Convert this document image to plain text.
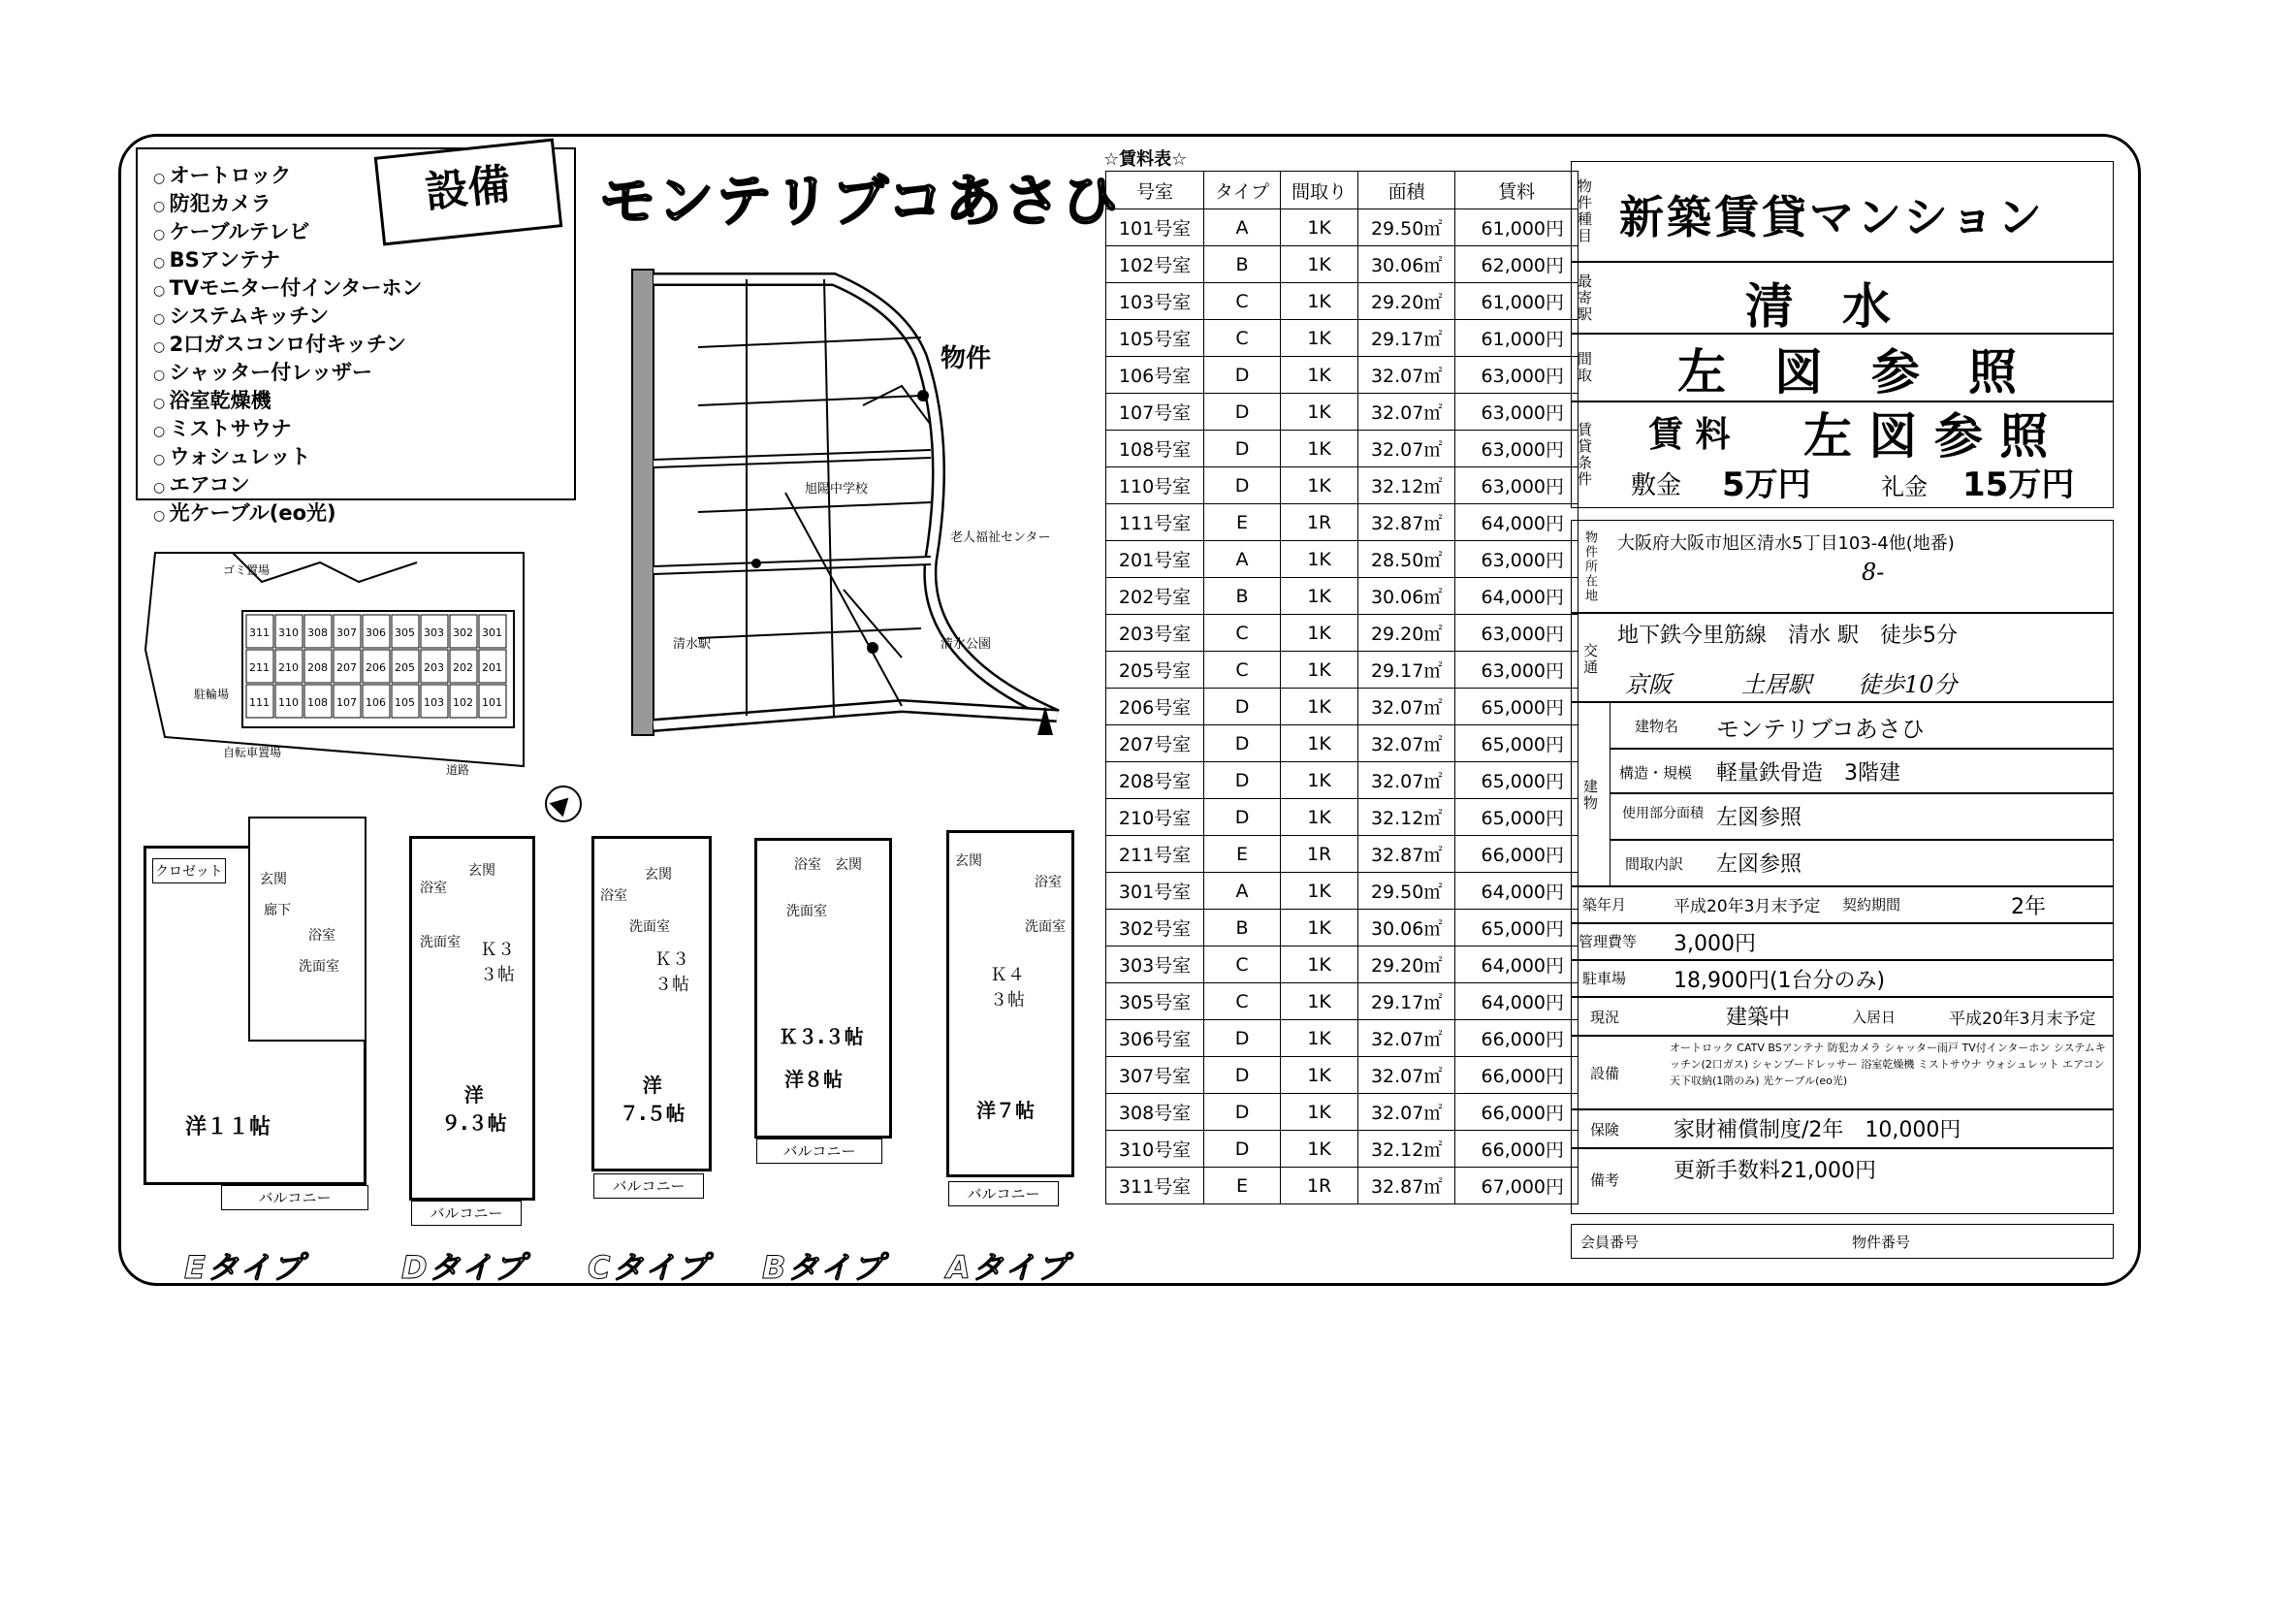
○ オートロック
○ 防犯カメラ
○ ケーブルテレビ
○ BSアンテナ
○ TVモニター付インターホン
○ システムキッチン
○ 2口ガスコンロ付キッチン
○ シャッター付レッザー
○ 浴室乾燥機
○ ミストサウナ
○ ウォシュレット
○ エアコン
○ 光ケーブル(eo光)
設備	モンテリブコあさひ
物件
清水駅
旭陽中学校
老人福祉センター
清水公園
☆賃料表☆
号室	タイプ	間取り	面積	賃料
101号室	A	1K	29.50㎡	61,000円
102号室	B	1K	30.06㎡	62,000円
103号室	C	1K	29.20㎡	61,000円
105号室	C	1K	29.17㎡	61,000円
106号室	D	1K	32.07㎡	63,000円
107号室	D	1K	32.07㎡	63,000円
108号室	D	1K	32.07㎡	63,000円
110号室	D	1K	32.12㎡	63,000円
111号室	E	1R	32.87㎡	64,000円
201号室	A	1K	28.50㎡	63,000円
202号室	B	1K	30.06㎡	64,000円
203号室	C	1K	29.20㎡	63,000円
205号室	C	1K	29.17㎡	63,000円
206号室	D	1K	32.07㎡	65,000円
207号室	D	1K	32.07㎡	65,000円
208号室	D	1K	32.07㎡	65,000円
210号室	D	1K	32.12㎡	65,000円
211号室	E	1R	32.87㎡	66,000円
301号室	A	1K	29.50㎡	64,000円
302号室	B	1K	30.06㎡	65,000円
303号室	C	1K	29.20㎡	64,000円
305号室	C	1K	29.17㎡	64,000円
306号室	D	1K	32.07㎡	66,000円
307号室	D	1K	32.07㎡	66,000円
308号室	D	1K	32.07㎡	66,000円
310号室	D	1K	32.12㎡	66,000円
311号室	E	1R	32.87㎡	67,000円
物件種目 新築賃貸マンション
最寄駅	清　水
間取 左　図　参　照
賃貸条件 賃 料 左 図 参 照
敷金 5万円	礼金 15万円
物件所在地 大阪府大阪市旭区清水5丁目103-4他(地番)
8-
交通
地下鉄今里筋線　清水 駅　徒歩5分
京阪　　　土居駅　　徒歩10分
建物
建物名 モンテリブコあさひ
構造・規模 軽量鉄骨造　3階建
使用部分面積 左図参照
間取内訳 左図参照
築年月	平成20年3月末予定 契約期間	2年
管理費等 3,000円
駐車場 18,900円(1台分のみ)
現況	建築中	入居日	平成20年3月末予定
設備
オートロック CATV BSアンテナ 防犯カメラ シャッター雨戸 TV付インターホン システムキッチン(2口ガス) シャンプードレッサー 浴室乾燥機 ミストサウナ ウォシュレット エアコン 天下収納(1階のみ) 光ケーブル(eo光)
保険	家財補償制度/2年　10,000円
備考	更新手数料21,000円
会員番号	物件番号
311 310 308 307 306 305 303 302 301
211 210 208 207 206 205 203 202 201
111 110 108 107 106 105 103 102 101
ゴミ置場
駐輪場
自転車置場
道路
洋１１帖
クロゼット	玄関
浴室
洗面室
廊下
バルコニー
洋
９.３帖
Ｋ３
３帖
浴室
玄関
洗面室
バルコニー
洋
７.５帖
Ｋ３
３帖
浴室
玄関
洗面室
バルコニー
洋８帖
Ｋ３.３帖
浴室 玄関
洗面室
バルコニー
洋７帖
Ｋ４
３帖
浴室
玄関
洗面室
バルコニー
Eタイプ	Dタイプ Cタイプ Bタイプ Aタイプ
